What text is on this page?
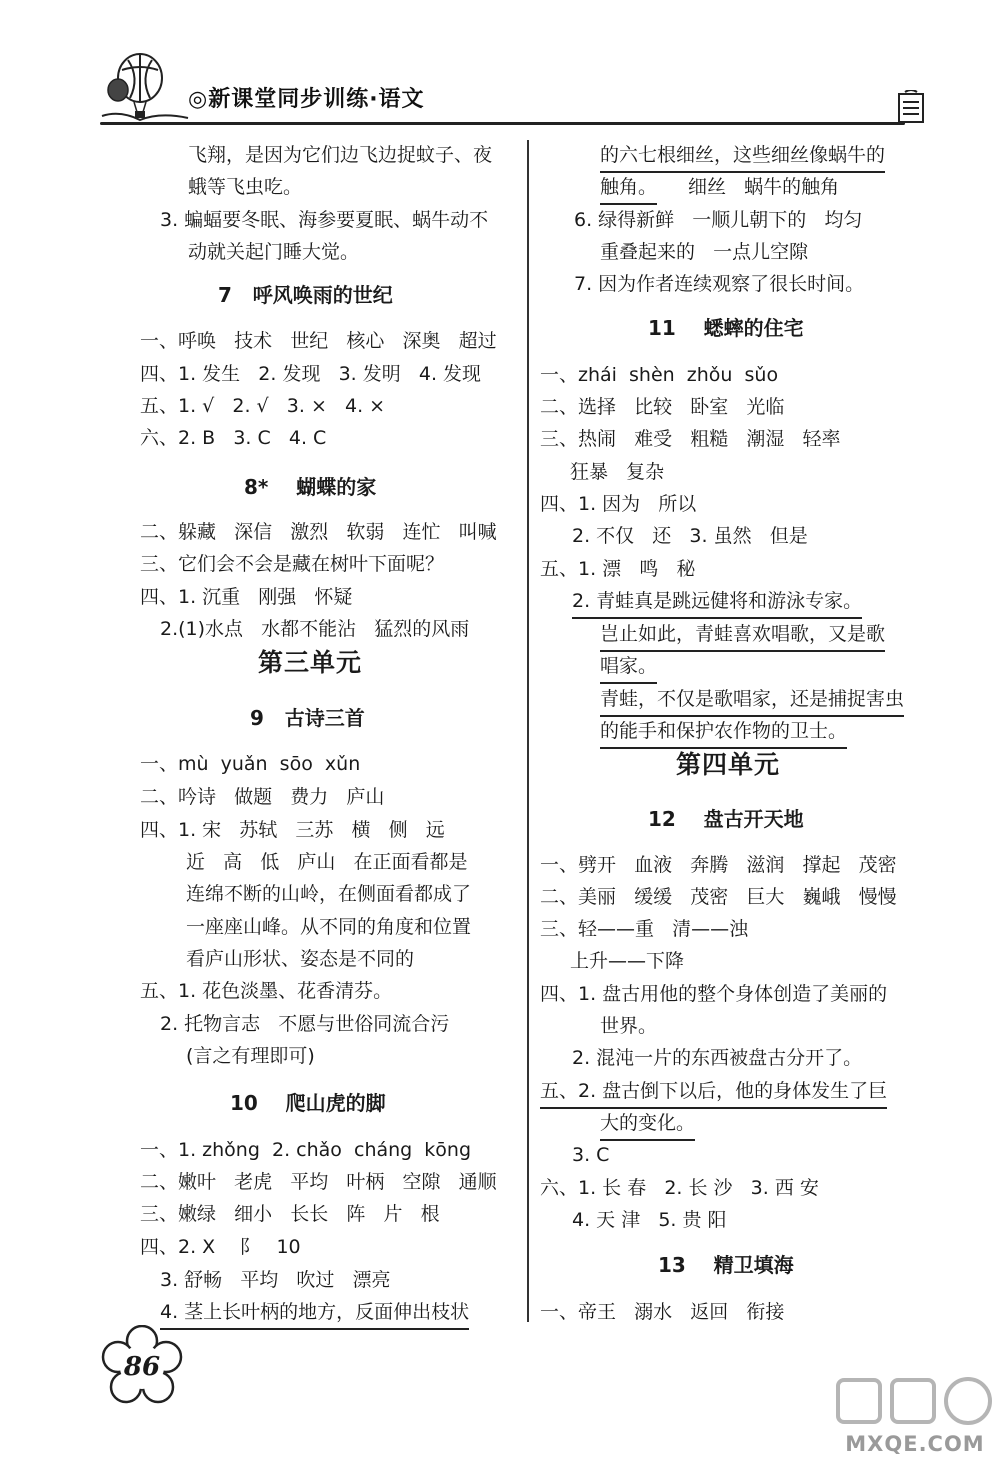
◎新课堂同步训练·语文
飞翔，是因为它们边飞边捉蚊子、夜
蛾等飞虫吃。
3. 蝙蝠要冬眠、海参要夏眠、蜗牛动不
动就关起门睡大觉。
7   呼风唤雨的世纪
一、呼唤   技术   世纪   核心   深奥   超过
四、1. 发生   2. 发现   3. 发明   4. 发现
五、1. √   2. √   3. ×   4. ×
六、2. B   3. C   4. C
8*    蝴蝶的家
二、躲藏   深信   激烈   软弱   连忙   叫喊
三、它们会不会是藏在树叶下面呢？
四、1. 沉重   刚强   怀疑
2.(1)水点   水都不能沾   猛烈的风雨
第三单元
9   古诗三首
一、mù  yuǎn  sōo  xǔn
二、吟诗   做题   费力   庐山
四、1. 宋   苏轼   三苏   横   侧   远
近   高   低   庐山   在正面看都是
连绵不断的山岭，在侧面看都成了
一座座山峰。从不同的角度和位置
看庐山形状、姿态是不同的
五、1. 花色淡墨、花香清芬。
2. 托物言志   不愿与世俗同流合污
(言之有理即可)
10    爬山虎的脚
一、1. zhǒng  2. chǎo  cháng  kōng
二、嫩叶   老虎   平均   叶柄   空隙   通顺
三、嫩绿   细小   长长   阵   片   根
四、2. X    阝   10
3. 舒畅   平均   吹过   漂亮
4. 茎上长叶柄的地方，反面伸出枝状
的六七根细丝，这些细丝像蜗牛的
触角。 细丝   蜗牛的触角
6. 绿得新鲜   一顺儿朝下的   均匀
重叠起来的   一点儿空隙
7. 因为作者连续观察了很长时间。
11    蟋蟀的住宅
一、zhái  shèn  zhǒu  sǔo
二、选择   比较   卧室   光临
三、热闹   难受   粗糙   潮湿   轻率
狂暴   复杂
四、1. 因为   所以
2. 不仅   还   3. 虽然   但是
五、1. 漂   鸣   秘
2. 青蛙真是跳远健将和游泳专家。
岂止如此，青蛙喜欢唱歌，又是歌
唱家。
青蛙，不仅是歌唱家，还是捕捉害虫
的能手和保护农作物的卫士。
第四单元
12    盘古开天地
一、劈开   血液   奔腾   滋润   撑起   茂密
二、美丽   缓缓   茂密   巨大   巍峨   慢慢
三、轻——重   清——浊
上升——下降
四、1. 盘古用他的整个身体创造了美丽的
世界。
2. 混沌一片的东西被盘古分开了。
五、2. 盘古倒下以后，他的身体发生了巨
大的变化。
3. C
六、1. 长 春   2. 长 沙   3. 西 安
4. 天 津   5. 贵 阳
13    精卫填海
一、帝王   溺水   返回   衔接
86
MXQE.COM
